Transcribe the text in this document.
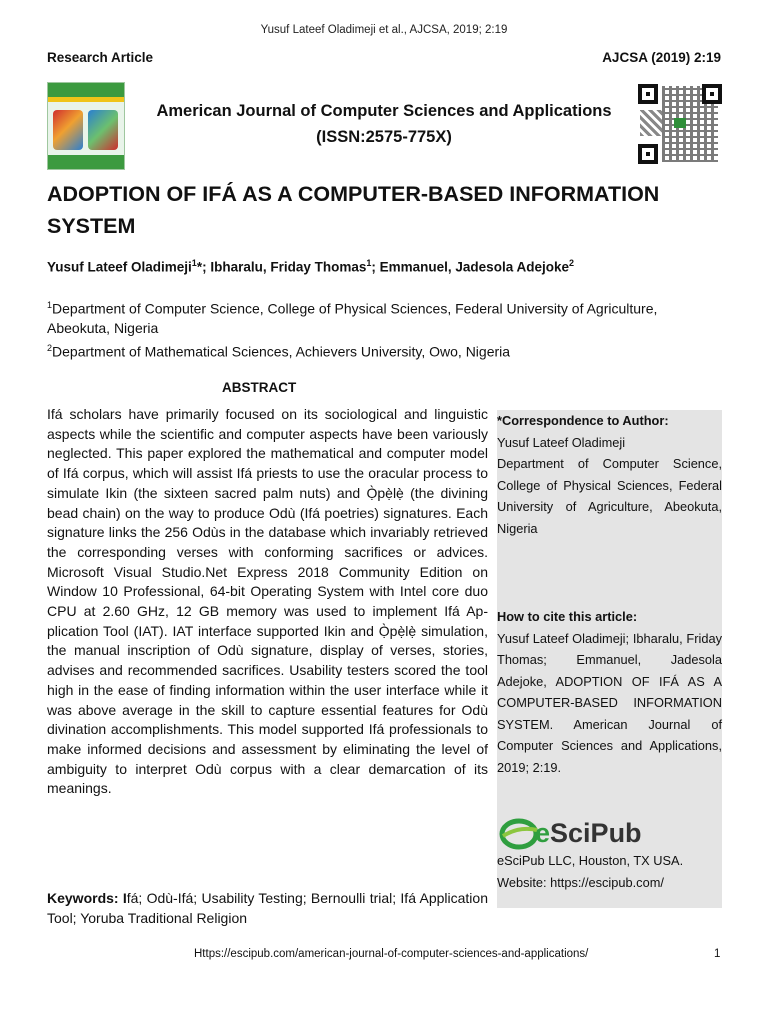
Yusuf Lateef Oladimeji et al., AJCSA, 2019; 2:19
Research Article	AJCSA (2019) 2:19
American Journal of Computer Sciences and Applications
(ISSN:2575-775X)
ADOPTION OF IFÁ AS A COMPUTER-BASED INFORMATION
SYSTEM
Yusuf Lateef Oladimeji$^1$*; Ibharalu, Friday Thomas$^1$; Emmanuel, Jadesola Adejoke$^2$
$^1$Department of Computer Science, College of Physical Sciences, Federal University of Agriculture, Abeokuta, Nigeria
$^2$Department of Mathematical Sciences, Achievers University, Owo, Nigeria
ABSTRACT
Ifá scholars have primarily focused on its sociological and linguistic aspects while the scientific and computer aspects have been variously neglected. This paper explored the mathematical and computer model of Ifá corpus, which will assist Ifá priests to use the oracular process to simulate Ikin (the sixteen sacred palm nuts) and Ọ̀pẹ̀lẹ̀ (the divining bead chain) on the way to produce Odù (Ifá poetries) signatures. Each signature links the 256 Odùs in the database which invariably retrieved the corresponding verses with conforming sacrifices or advices. Microsoft Visual Studio.Net Express 2018 Community Edition on Window 10 Professional, 64-bit Operating System with Intel core duo CPU at 2.60 GHz, 12 GB memory was used to implement Ifá Application Tool (IAT). IAT interface supported Ikin and Ọ̀pẹ̀lẹ̀ simulation, the manual inscription of Odù signature, display of verses, stories, advises and recommended sacrifices. Usability testers scored the tool high in the ease of finding information within the user interface while it was above average in the skill to capture essential features for Odù divination accomplishments. This model supported Ifá professionals to make informed decisions and assessment by eliminating the level of ambiguity to interpret Odù corpus with a clear demarcation of its meanings.
Keywords: Ifá; Odù-Ifá; Usability Testing; Bernoulli trial; Ifá Application Tool; Yoruba Traditional Religion
*Correspondence to Author:
Yusuf Lateef Oladimeji
Department of Computer Science, College of Physical Sciences, Federal University of Agriculture, Abeokuta, Nigeria
How to cite this article:
Yusuf Lateef Oladimeji; Ibharalu, Friday Thomas; Emmanuel, Jadesola Adejoke, ADOPTION OF IFÁ AS A COMPUTER-BASED INFORMATION SYSTEM. American Journal of Computer Sciences and Applications, 2019; 2:19.
eSciPub
eSciPub LLC, Houston, TX USA.
Website: https://escipub.com/
Https://escipub.com/american-journal-of-computer-sciences-and-applications/	1
